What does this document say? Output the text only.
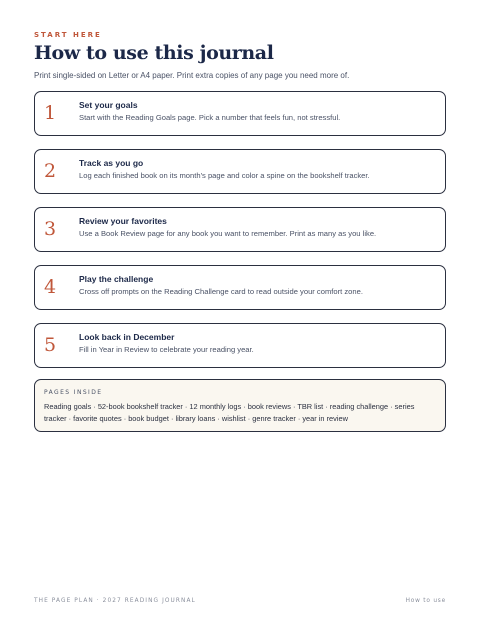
START HERE
How to use this journal
Print single-sided on Letter or A4 paper. Print extra copies of any page you need more of.
1	Set your goals
Start with the Reading Goals page. Pick a number that feels fun, not stressful.
2	Track as you go
Log each finished book on its month's page and color a spine on the bookshelf tracker.
3	Review your favorites
Use a Book Review page for any book you want to remember. Print as many as you like.
4	Play the challenge
Cross off prompts on the Reading Challenge card to read outside your comfort zone.
5	Look back in December
Fill in Year in Review to celebrate your reading year.
PAGES INSIDE
Reading goals · 52-book bookshelf tracker · 12 monthly logs · book reviews · TBR list · reading challenge · series tracker · favorite quotes · book budget · library loans · wishlist · genre tracker · year in review
THE PAGE PLAN · 2027 READING JOURNAL	How to use
